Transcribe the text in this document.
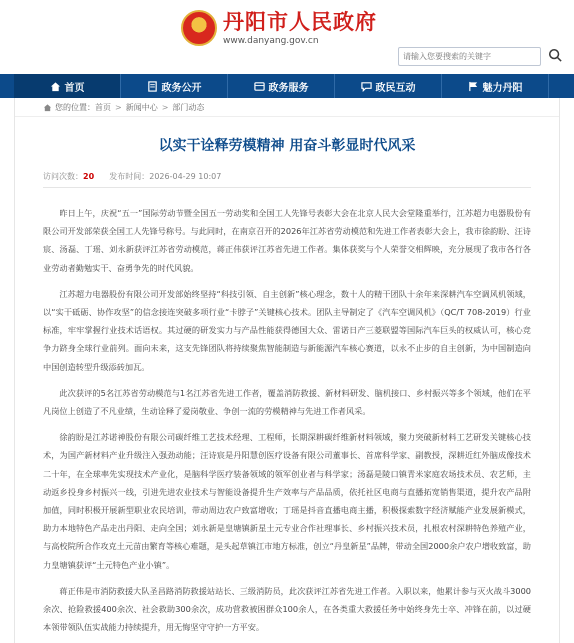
丹阳市人民政府
www.danyang.gov.cn
请输入您要搜索的关键字
首页	政务公开	政务服务	政民互动	魅力丹阳
您的位置： 首页 > 新闻中心 > 部门动态
以实干诠释劳模精神 用奋斗彰显时代风采
访问次数：20 发布时间：2026-04-29 10:07

昨日上午，庆祝“五一”国际劳动节暨全国五一劳动奖和全国工人先锋号表彰大会在北京人民大会堂隆重举行，江苏超力电器股份有限公司开发部荣获全国工人先锋号称号。与此同时，在南京召开的2026年江苏省劳动模范和先进工作者表彰大会上，我市徐韵盼、汪诗宸、汤磊、丁瑶、刘永新获评江苏省劳动模范，蒋正伟获评江苏省先进工作者。集体获奖与个人荣誉交相辉映，充分展现了我市各行各业劳动者勤勉实干、奋勇争先的时代风貌。

江苏超力电器股份有限公司开发部始终坚持“科技引领、自主创新”核心理念，数十人的精干团队十余年来深耕汽车空调风机领域，以“实干砥砺、协作攻坚”的信念接连突破多项行业“卡脖子”关键核心技术。团队主导制定了《汽车空调风机》（QC/T 708-2019）行业标准，牢牢掌握行业技术话语权。其过硬的研发实力与产品性能获得德国大众、雷诺日产三菱联盟等国际汽车巨头的权威认可，核心竞争力跻身全球行业前列。面向未来，这支先锋团队将持续聚焦智能制造与新能源汽车核心赛道，以永不止步的自主创新，为中国制造向中国创造转型升级添砖加瓦。

此次获评的5名江苏省劳动模范与1名江苏省先进工作者，覆盖消防救援、新材料研发、脑机接口、乡村振兴等多个领域，他们在平凡岗位上创造了不凡业绩，生动诠释了爱岗敬业、争创一流的劳模精神与先进工作者风采。

徐韵盼是江苏诺神股份有限公司碳纤维工艺技术经理、工程师，长期深耕碳纤维新材料领域，聚力突破新材料工艺研发关键核心技术，为国产新材料产业升级注入强劲动能；汪诗宸是丹阳慧创医疗设备有限公司董事长、首席科学家、副教授，深耕近红外脑成像技术二十年，在全球率先实现技术产业化，是脑科学医疗装备领域的领军创业者与科学家；汤磊是陵口镇青米家庭农场技术员、农艺师，主动返乡投身乡村振兴一线，引进先进农业技术与智能设备提升生产效率与产品品质，依托社区电商与直播拓宽销售渠道，提升农产品附加值，同时积极开展新型职业农民培训，带动周边农户致富增收；丁瑶是抖音直播电商主播，积极探索数字经济赋能产业发展新模式，助力本地特色产品走出丹阳、走向全国；刘永新是皇塘镇新星土元专业合作社理事长、乡村振兴技术员，扎根农村深耕特色养殖产业，与高校院所合作攻克土元苗由繁育等核心难题，是头起草镇江市地方标准，创立“丹皇新星”品牌，带动全国2000余户农户增收致富，助力皇塘镇获评“土元特色产业小镇”。

蒋正伟是市消防救援大队圣昌路消防救援站站长、三级消防员，此次获评江苏省先进工作者。入职以来，他累计参与灭火战斗3000余次、抢险救援400余次、社会救助300余次，成功营救被困群众100余人，在各类重大救援任务中始终身先士卒、冲锋在前，以过硬本领带领队伍实战能力持续提升，用无悔坚守守护一方平安。
